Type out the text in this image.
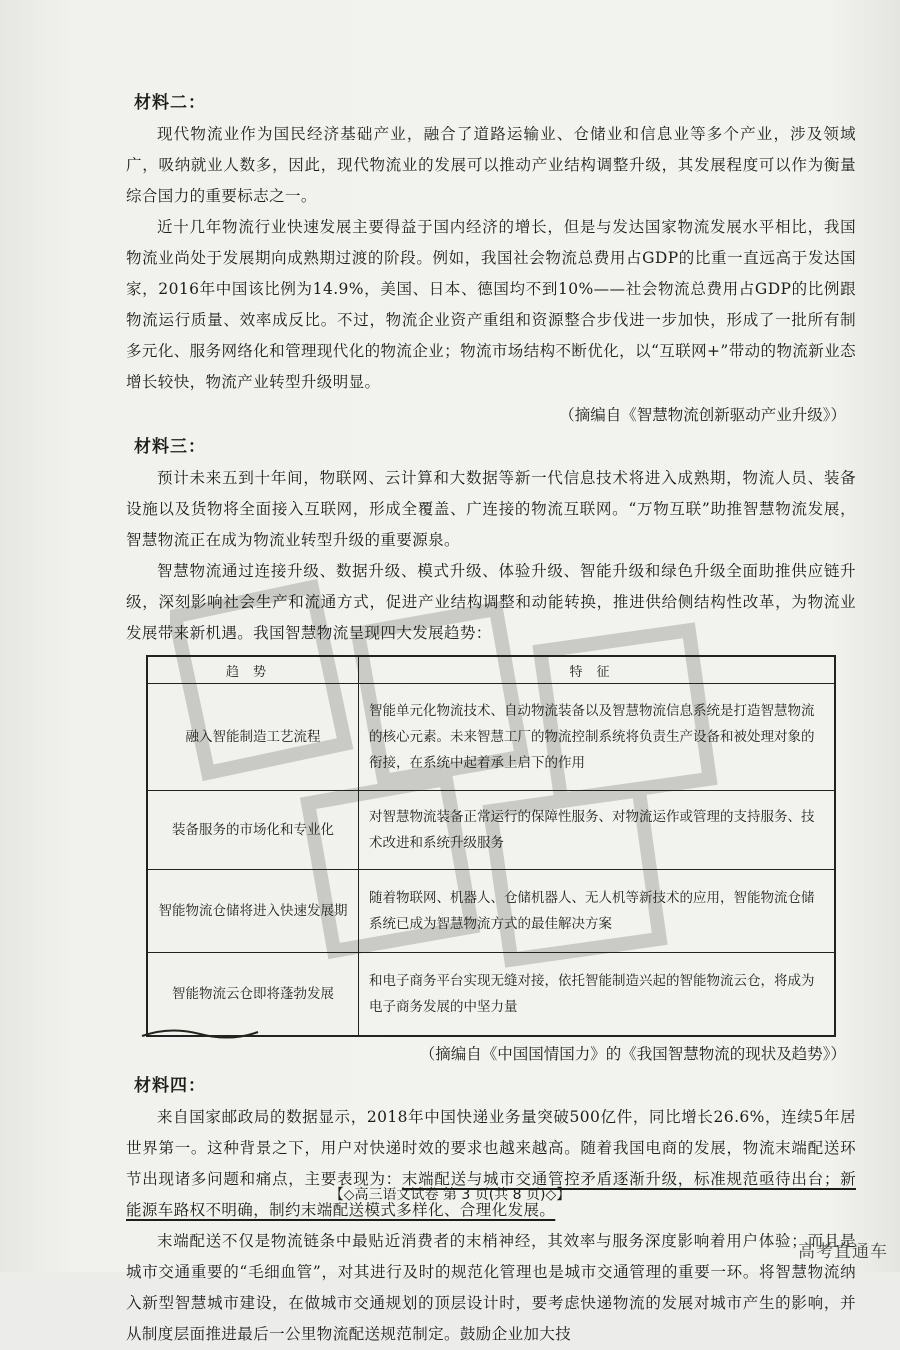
材料二：

现代物流业作为国民经济基础产业，融合了道路运输业、仓储业和信息业等多个产业，涉及领域广，吸纳就业人数多，因此，现代物流业的发展可以推动产业结构调整升级，其发展程度可以作为衡量综合国力的重要标志之一。

近十几年物流行业快速发展主要得益于国内经济的增长，但是与发达国家物流发展水平相比，我国物流业尚处于发展期向成熟期过渡的阶段。例如，我国社会物流总费用占GDP的比重一直远高于发达国家，2016年中国该比例为14.9%，美国、日本、德国均不到10%——社会物流总费用占GDP的比例跟物流运行质量、效率成反比。不过，物流企业资产重组和资源整合步伐进一步加快，形成了一批所有制多元化、服务网络化和管理现代化的物流企业；物流市场结构不断优化，以“互联网+”带动的物流新业态增长较快，物流产业转型升级明显。

（摘编自《智慧物流创新驱动产业升级》）
材料三：

预计未来五到十年间，物联网、云计算和大数据等新一代信息技术将进入成熟期，物流人员、装备设施以及货物将全面接入互联网，形成全覆盖、广连接的物流互联网。“万物互联”助推智慧物流发展，智慧物流正在成为物流业转型升级的重要源泉。

智慧物流通过连接升级、数据升级、模式升级、体验升级、智能升级和绿色升级全面助推供应链升级，深刻影响社会生产和流通方式，促进产业结构调整和动能转换，推进供给侧结构性改革，为物流业发展带来新机遇。我国智慧物流呈现四大发展趋势：

趋势	特征
融入智能制造工艺流程	智能单元化物流技术、自动物流装备以及智慧物流信息系统是打造智慧物流的核心元素。未来智慧工厂的物流控制系统将负责生产设备和被处理对象的衔接，在系统中起着承上启下的作用
装备服务的市场化和专业化	对智慧物流装备正常运行的保障性服务、对物流运作或管理的支持服务、技术改进和系统升级服务
智能物流仓储将进入快速发展期	随着物联网、机器人、仓储机器人、无人机等新技术的应用，智能物流仓储系统已成为智慧物流方式的最佳解决方案
智能物流云仓即将蓬勃发展	和电子商务平台实现无缝对接，依托智能制造兴起的智能物流云仓，将成为电子商务发展的中坚力量
（摘编自《中国国情国力》的《我国智慧物流的现状及趋势》）
材料四：

来自国家邮政局的数据显示，2018年中国快递业务量突破500亿件，同比增长26.6%，连续5年居世界第一。这种背景之下，用户对快递时效的要求也越来越高。随着我国电商的发展，物流末端配送环节出现诸多问题和痛点，主要表现为：末端配送与城市交通管控矛盾逐渐升级，标准规范亟待出台；新能源车路权不明确，制约末端配送模式多样化、合理化发展。

末端配送不仅是物流链条中最贴近消费者的末梢神经，其效率与服务深度影响着用户体验；而且是城市交通重要的“毛细血管”，对其进行及时的规范化管理也是城市交通管理的重要一环。将智慧物流纳入新型智慧城市建设，在做城市交通规划的顶层设计时，要考虑快递物流的发展对城市产生的影响，并从制度层面推进最后一公里物流配送规范制定。鼓励企业加大技

【◇高三语文试卷 第 3 页(共 8 页)◇】
高考直通车
